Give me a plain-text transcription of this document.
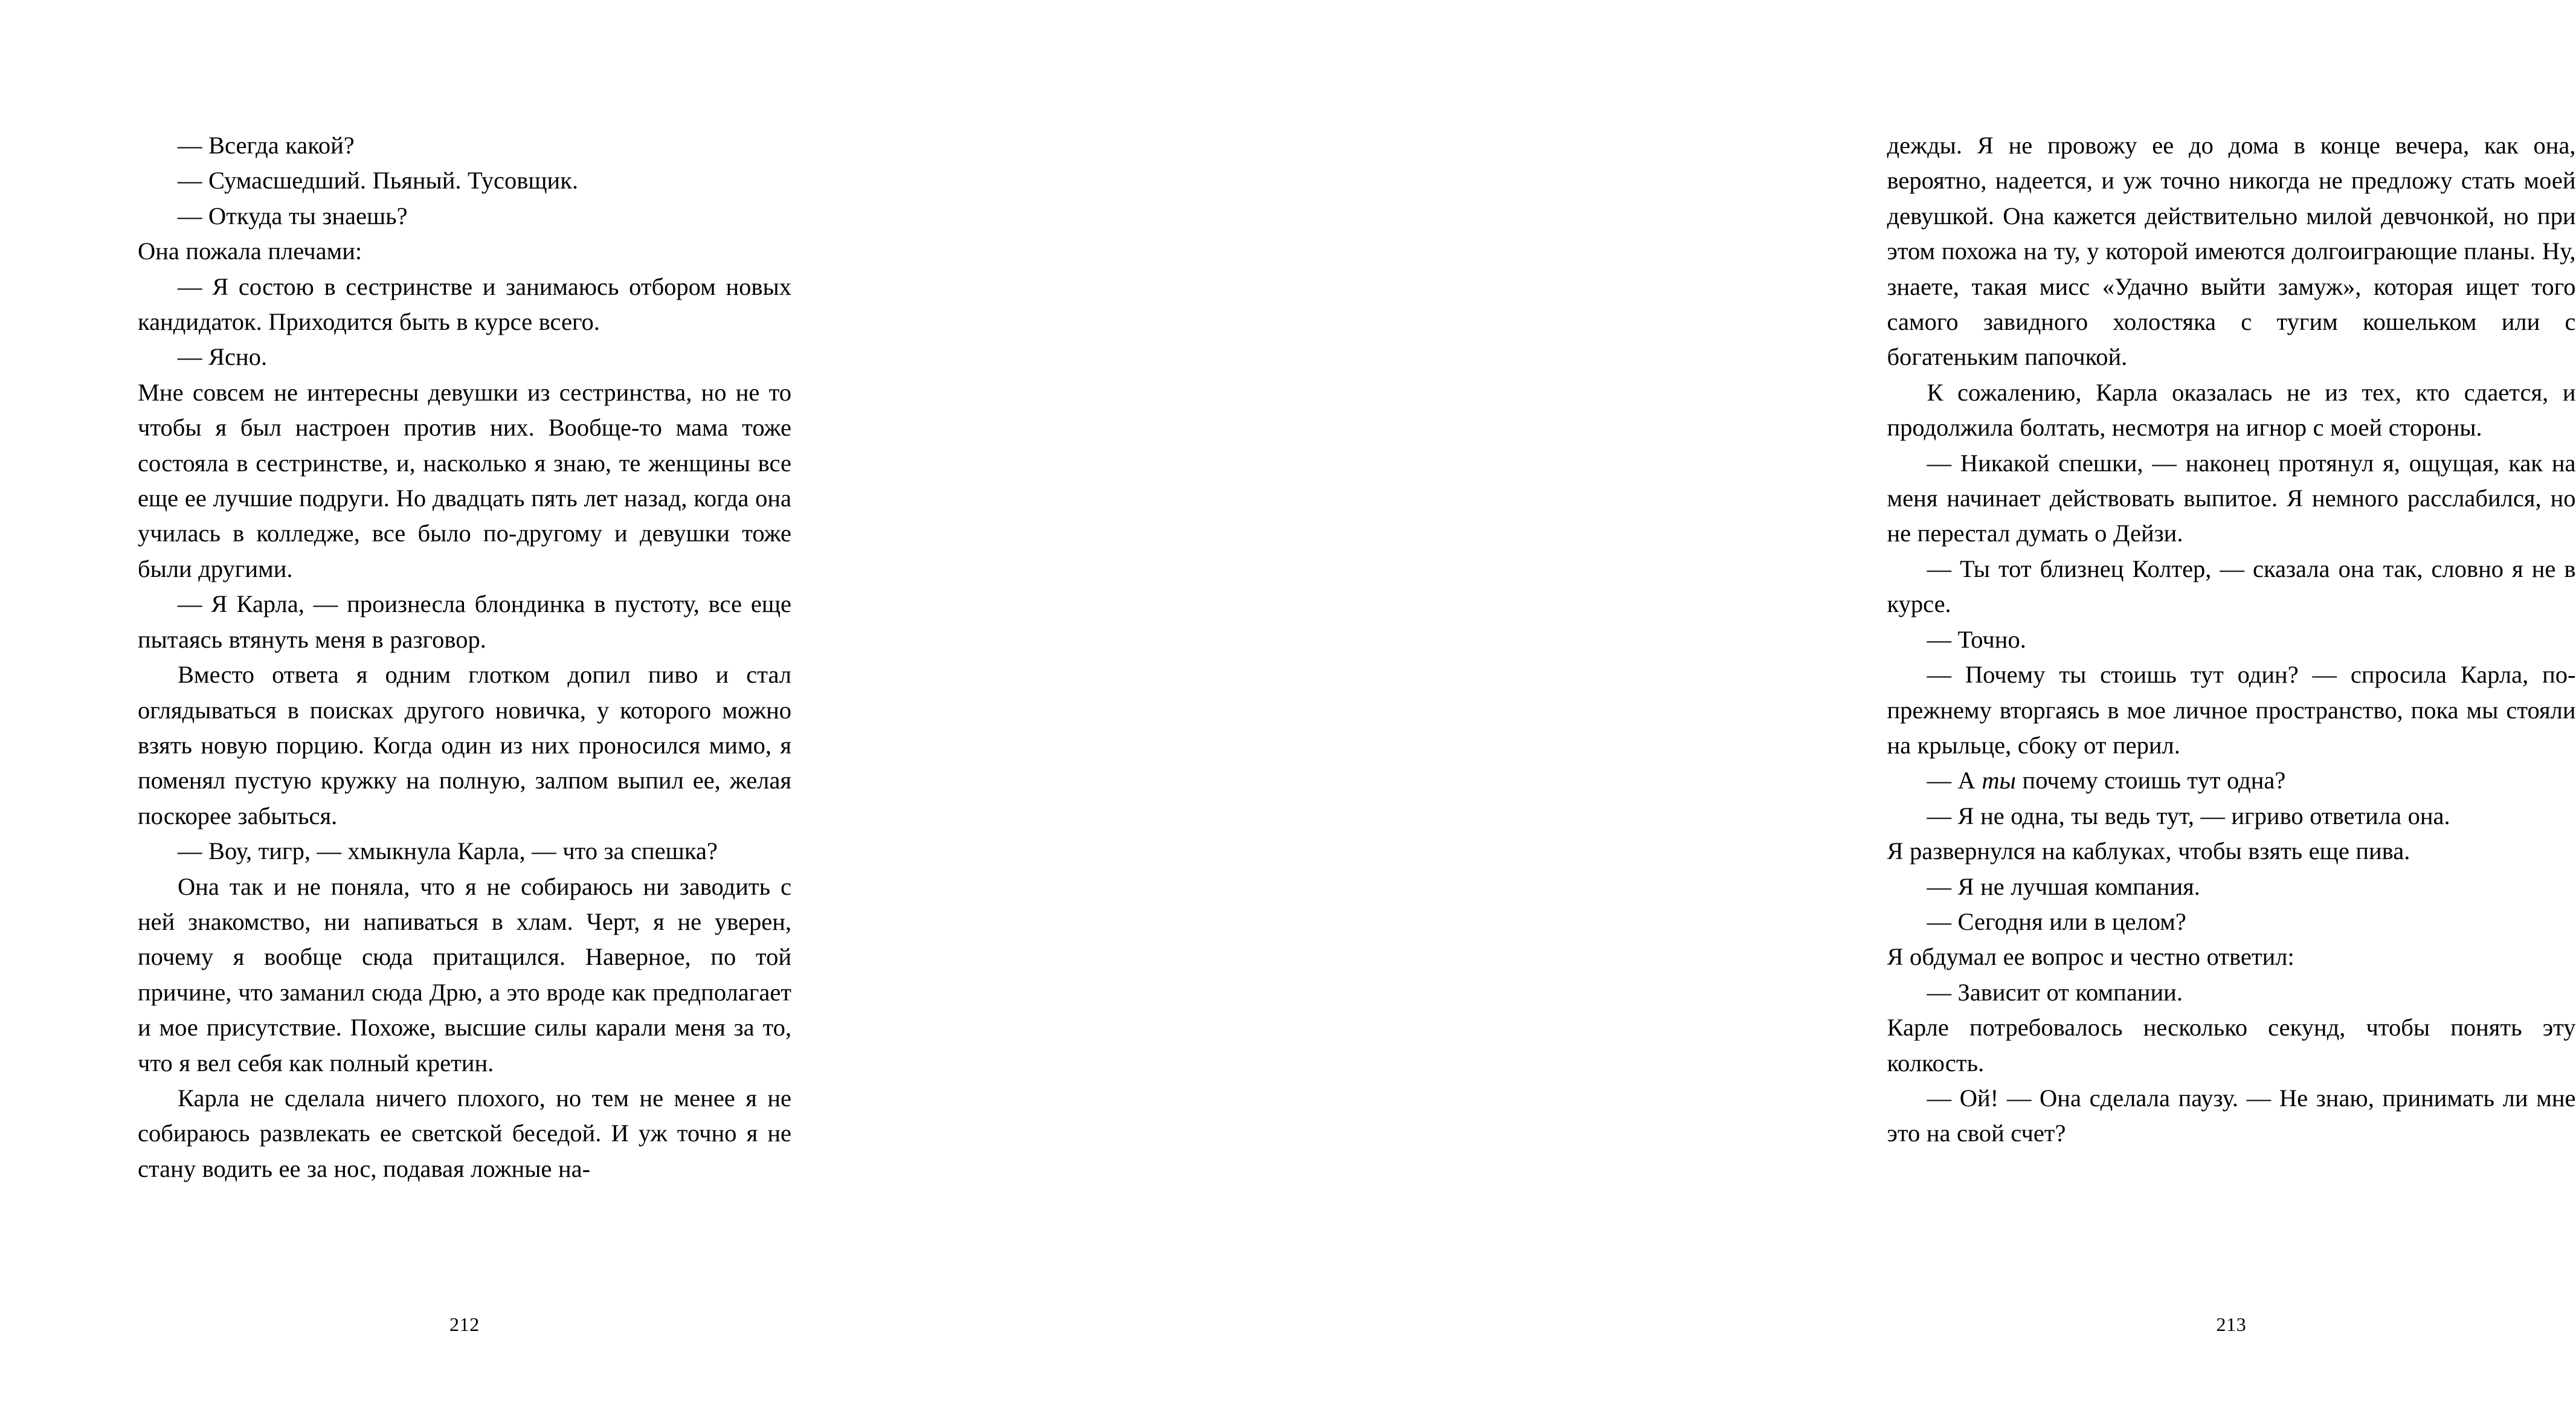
— Всегда какой?

— Сумасшедший. Пьяный. Тусовщик.

— Откуда ты знаешь?

Она пожала плечами:

— Я состою в сестринстве и занимаюсь отбором новых кандидаток. Приходится быть в курсе всего.

— Ясно.

Мне совсем не интересны девушки из сестринства, но не то чтобы я был настроен против них. Вообще-то мама тоже состояла в сестринстве, и, насколько я знаю, те женщины все еще ее лучшие подруги. Но двадцать пять лет назад, когда она училась в колледже, все было по-другому и девушки тоже были другими.

— Я Карла, — произнесла блондинка в пустоту, все еще пытаясь втянуть меня в разговор.

Вместо ответа я одним глотком допил пиво и стал оглядываться в поисках другого новичка, у которого можно взять новую порцию. Когда один из них проносился мимо, я поменял пустую кружку на полную, залпом выпил ее, желая поскорее забыться.

— Воу, тигр, — хмыкнула Карла, — что за спешка?

Она так и не поняла, что я не собираюсь ни заводить с ней знакомство, ни напиваться в хлам. Черт, я не уверен, почему я вообще сюда притащился. Наверное, по той причине, что заманил сюда Дрю, а это вроде как предполагает и мое присутствие. Похоже, высшие силы карали меня за то, что я вел себя как полный кретин.

Карла не сделала ничего плохого, но тем не менее я не собираюсь развлекать ее светской беседой. И уж точно я не стану водить ее за нос, подавая ложные на-

212

дежды. Я не провожу ее до дома в конце вечера, как она, вероятно, надеется, и уж точно никогда не предложу стать моей девушкой. Она кажется действительно милой девчонкой, но при этом похожа на ту, у которой имеются долгоиграющие планы. Ну, знаете, такая мисс «Удачно выйти замуж», которая ищет того самого завидного холостяка с тугим кошельком или с богатеньким папочкой.

К сожалению, Карла оказалась не из тех, кто сдается, и продолжила болтать, несмотря на игнор с моей стороны.

— Никакой спешки, — наконец протянул я, ощущая, как на меня начинает действовать выпитое. Я немного расслабился, но не перестал думать о Дейзи.

— Ты тот близнец Колтер, — сказала она так, словно я не в курсе.

— Точно.

— Почему ты стоишь тут один? — спросила Карла, по-прежнему вторгаясь в мое личное пространство, пока мы стояли на крыльце, сбоку от перил.

— А ты почему стоишь тут одна?

— Я не одна, ты ведь тут, — игриво ответила она.

Я развернулся на каблуках, чтобы взять еще пива.

— Я не лучшая компания.

— Сегодня или в целом?

Я обдумал ее вопрос и честно ответил:

— Зависит от компании.

Карле потребовалось несколько секунд, чтобы понять эту колкость.

— Ой! — Она сделала паузу. — Не знаю, принимать ли мне это на свой счет?

213
